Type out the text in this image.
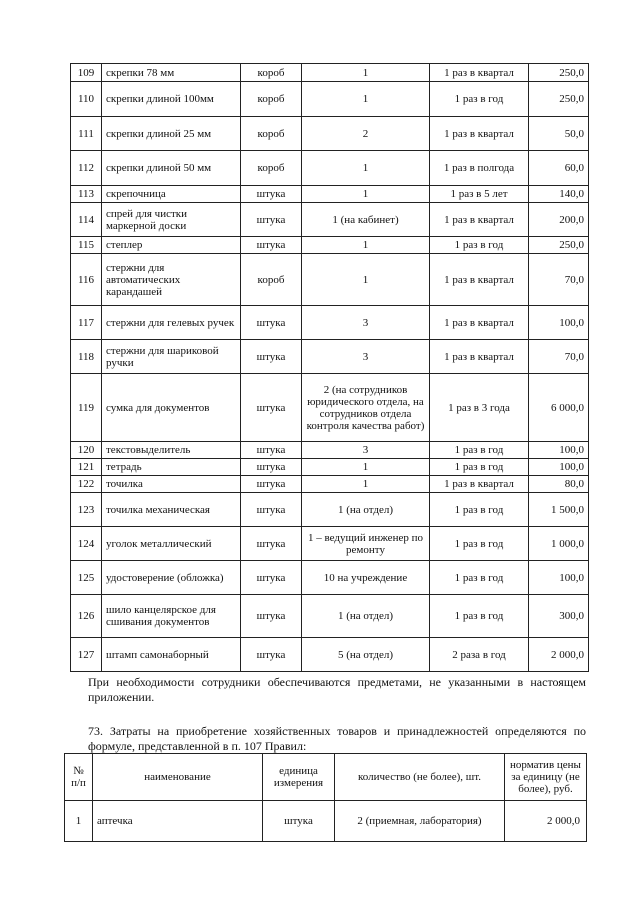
109	скрепки 78 мм	короб	1	1 раз в квартал	250,0
110	скрепки длиной 100мм	короб	1	1 раз в год	250,0
111	скрепки длиной 25 мм	короб	2	1 раз в квартал	50,0
112	скрепки длиной 50 мм	короб	1	1 раз в полгода	60,0
113	скрепочница	штука	1	1 раз в 5 лет	140,0
114	спрей для чистки маркерной доски	штука	1 (на кабинет)	1 раз в квартал	200,0
115	степлер	штука	1	1 раз в год	250,0
116	стержни для автоматических карандашей	короб	1	1 раз в квартал	70,0
117	стержни для гелевых ручек	штука	3	1 раз в квартал	100,0
118	стержни для шариковой ручки	штука	3	1 раз в квартал	70,0
119	сумка для документов	штука	2 (на сотрудников юридического отдела, на сотрудников отдела контроля качества работ)	1 раз в 3 года	6 000,0
120	текстовыделитель	штука	3	1 раз в год	100,0
121	тетрадь	штука	1	1 раз в год	100,0
122	точилка	штука	1	1 раз в квартал	80,0
123	точилка механическая	штука	1 (на отдел)	1 раз в год	1 500,0
124	уголок металлический	штука	1 – ведущий инженер по ремонту	1 раз в год	1 000,0
125	удостоверение (обложка)	штука	10 на учреждение	1 раз в год	100,0
126	шило канцелярское для сшивания документов	штука	1 (на отдел)	1 раз в год	300,0
127	штамп самонаборный	штука	5 (на отдел)	2 раза в год	2 000,0
При необходимости сотрудники обеспечиваются предметами, не указанными в настоящем приложении.
73. Затраты на приобретение хозяйственных товаров и принадлежностей определяются по формуле, представленной в п. 107 Правил:
№ п/п	наименование	единица измерения	количество (не более), шт.	норматив цены за единицу (не более), руб.
1	аптечка	штука	2 (приемная, лаборатория)	2 000,0
